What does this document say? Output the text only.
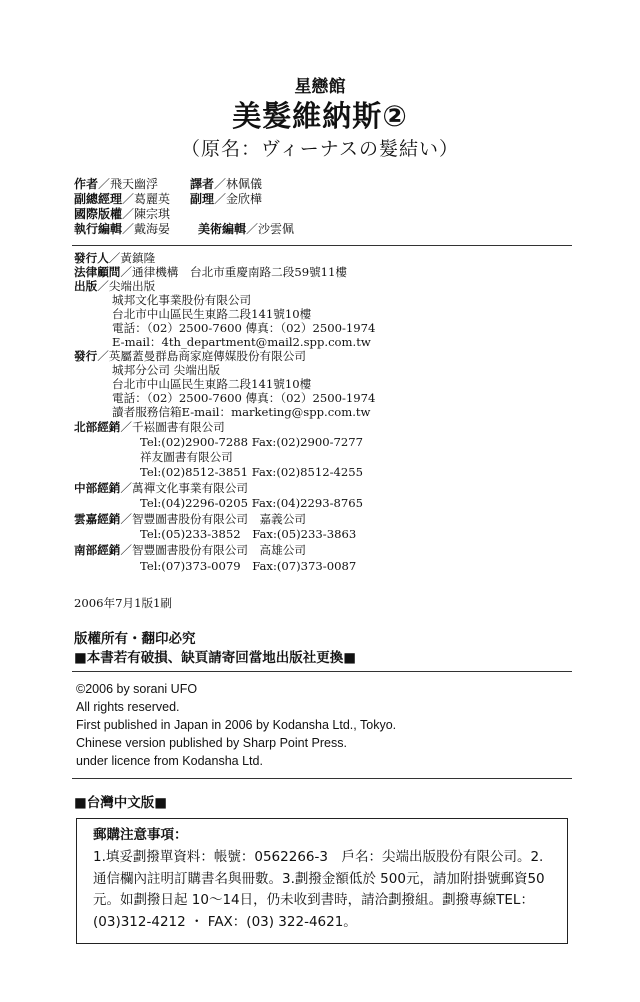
星戀館
美髮維納斯②
（原名：ヴィーナスの髮結い）
作者／飛天幽浮	譯者／林佩儀
副總經理／葛麗英 副理／金欣樺
國際版權／陳宗琪
執行編輯／戴海晏 美術編輯／沙雲佩
發行人／黃鎮隆
法律顧問／通律機構　台北市重慶南路二段59號11樓
出版／尖端出版
城邦文化事業股份有限公司
台北市中山區民生東路二段141號10樓
電話：（02）2500-7600 傳真：（02）2500-1974
E-mail：4th_department@mail2.spp.com.tw
發行／英屬蓋曼群島商家庭傳媒股份有限公司
城邦分公司 尖端出版
台北市中山區民生東路二段141號10樓
電話：（02）2500-7600 傳真：（02）2500-1974
讀者服務信箱E-mail：marketing@spp.com.tw
北部經銷／千崧圖書有限公司
Tel:(02)2900-7288 Fax:(02)2900-7277
祥友圖書有限公司
Tel:(02)8512-3851 Fax:(02)8512-4255
中部經銷／萬禪文化事業有限公司
Tel:(04)2296-0205 Fax:(04)2293-8765
雲嘉經銷／智豐圖書股份有限公司　嘉義公司
Tel:(05)233-3852　Fax:(05)233-3863
南部經銷／智豐圖書股份有限公司　高雄公司
Tel:(07)373-0079　Fax:(07)373-0087
2006年7月1版1刷
版權所有・翻印必究
■本書若有破損、缺頁請寄回當地出版社更換■
©2006 by sorani UFO
All rights reserved.
First published in Japan in 2006 by Kodansha Ltd., Tokyo.
Chinese version published by Sharp Point Press.
under licence from Kodansha Ltd.
■台灣中文版■
郵購注意事項：
1.填妥劃撥單資料：帳號：0562266-3　戶名：尖端出版股份有限公司。2.通信欄內註明訂購書名與冊數。3.劃撥金額低於 500元，請加附掛號郵資50元。如劃撥日起 10～14日，仍未收到書時，請洽劃撥組。劃撥專線TEL：(03)312-4212 ・ FAX：(03) 322-4621。
